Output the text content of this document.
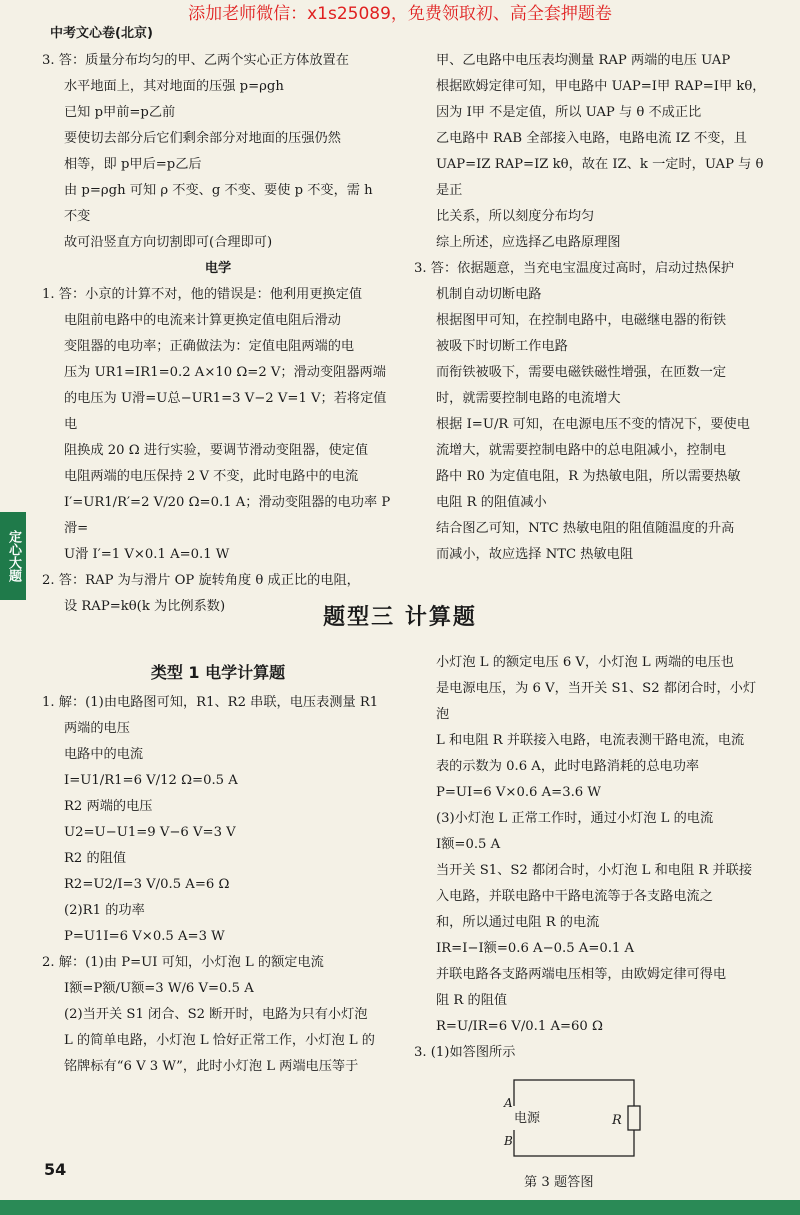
添加老师微信：x1s25089，免费领取初、高全套押题卷
中考文心卷(北京)
定心大题

3. 答：质量分布均匀的甲、乙两个实心正方体放置在

水平地面上，其对地面的压强 p=ρgh

已知 p甲前=p乙前

要使切去部分后它们剩余部分对地面的压强仍然

相等，即 p甲后=p乙后

由 p=ρgh 可知 ρ 不变、g 不变、要使 p 不变，需 h

不变

故可沿竖直方向切割即可(合理即可)

电学

1. 答：小京的计算不对，他的错误是：他利用更换定值

电阻前电路中的电流来计算更换定值电阻后滑动

变阻器的电功率；正确做法为：定值电阻两端的电

压为 UR1=IR1=0.2 A×10 Ω=2 V；滑动变阻器两端

的电压为 U滑=U总−UR1=3 V−2 V=1 V；若将定值电

阻换成 20 Ω 进行实验，要调节滑动变阻器，使定值

电阻两端的电压保持 2 V 不变，此时电路中的电流

I′=UR1/R′=2 V/20 Ω=0.1 A；滑动变阻器的电功率 P滑=

U滑 I′=1 V×0.1 A=0.1 W

2. 答：RAP 为与滑片 OP 旋转角度 θ 成正比的电阻，

设 RAP=kθ(k 为比例系数)

甲、乙电路中电压表均测量 RAP 两端的电压 UAP

根据欧姆定律可知，甲电路中 UAP=I甲 RAP=I甲 kθ，

因为 I甲 不是定值，所以 UAP 与 θ 不成正比

乙电路中 RAB 全部接入电路，电路电流 IZ 不变，且

UAP=IZ RAP=IZ kθ，故在 IZ、k 一定时，UAP 与 θ 是正

比关系，所以刻度分布均匀

综上所述，应选择乙电路原理图

3. 答：依据题意，当充电宝温度过高时，启动过热保护

机制自动切断电路

根据图甲可知，在控制电路中，电磁继电器的衔铁

被吸下时切断工作电路

而衔铁被吸下，需要电磁铁磁性增强，在匝数一定

时，就需要控制电路的电流增大

根据 I=U/R 可知，在电源电压不变的情况下，要使电

流增大，就需要控制电路中的总电阻减小，控制电

路中 R0 为定值电阻，R 为热敏电阻，所以需要热敏

电阻 R 的阻值减小

结合图乙可知，NTC 热敏电阻的阻值随温度的升高

而减小，故应选择 NTC 热敏电阻

题型三 计算题
类型 1 电学计算题

1. 解：(1)由电路图可知，R1、R2 串联，电压表测量 R1

两端的电压

电路中的电流

I=U1/R1=6 V/12 Ω=0.5 A

R2 两端的电压

U2=U−U1=9 V−6 V=3 V

R2 的阻值

R2=U2/I=3 V/0.5 A=6 Ω

(2)R1 的功率

P=U1I=6 V×0.5 A=3 W

2. 解：(1)由 P=UI 可知，小灯泡 L 的额定电流

I额=P额/U额=3 W/6 V=0.5 A

(2)当开关 S1 闭合、S2 断开时，电路为只有小灯泡

L 的简单电路，小灯泡 L 恰好正常工作，小灯泡 L 的

铭牌标有“6 V 3 W”，此时小灯泡 L 两端电压等于

小灯泡 L 的额定电压 6 V，小灯泡 L 两端的电压也

是电源电压，为 6 V，当开关 S1、S2 都闭合时，小灯泡

L 和电阻 R 并联接入电路，电流表测干路电流，电流

表的示数为 0.6 A，此时电路消耗的总电功率

P=UI=6 V×0.6 A=3.6 W

(3)小灯泡 L 正常工作时，通过小灯泡 L 的电流

I额=0.5 A

当开关 S1、S2 都闭合时，小灯泡 L 和电阻 R 并联接

入电路，并联电路中干路电流等于各支路电流之

和，所以通过电阻 R 的电流

IR=I−I额=0.6 A−0.5 A=0.1 A

并联电路各支路两端电压相等，由欧姆定律可得电

阻 R 的阻值

R=U/IR=6 V/0.1 A=60 Ω

3. (1)如答图所示

A
电源
B
R
第 3 题答图
54
